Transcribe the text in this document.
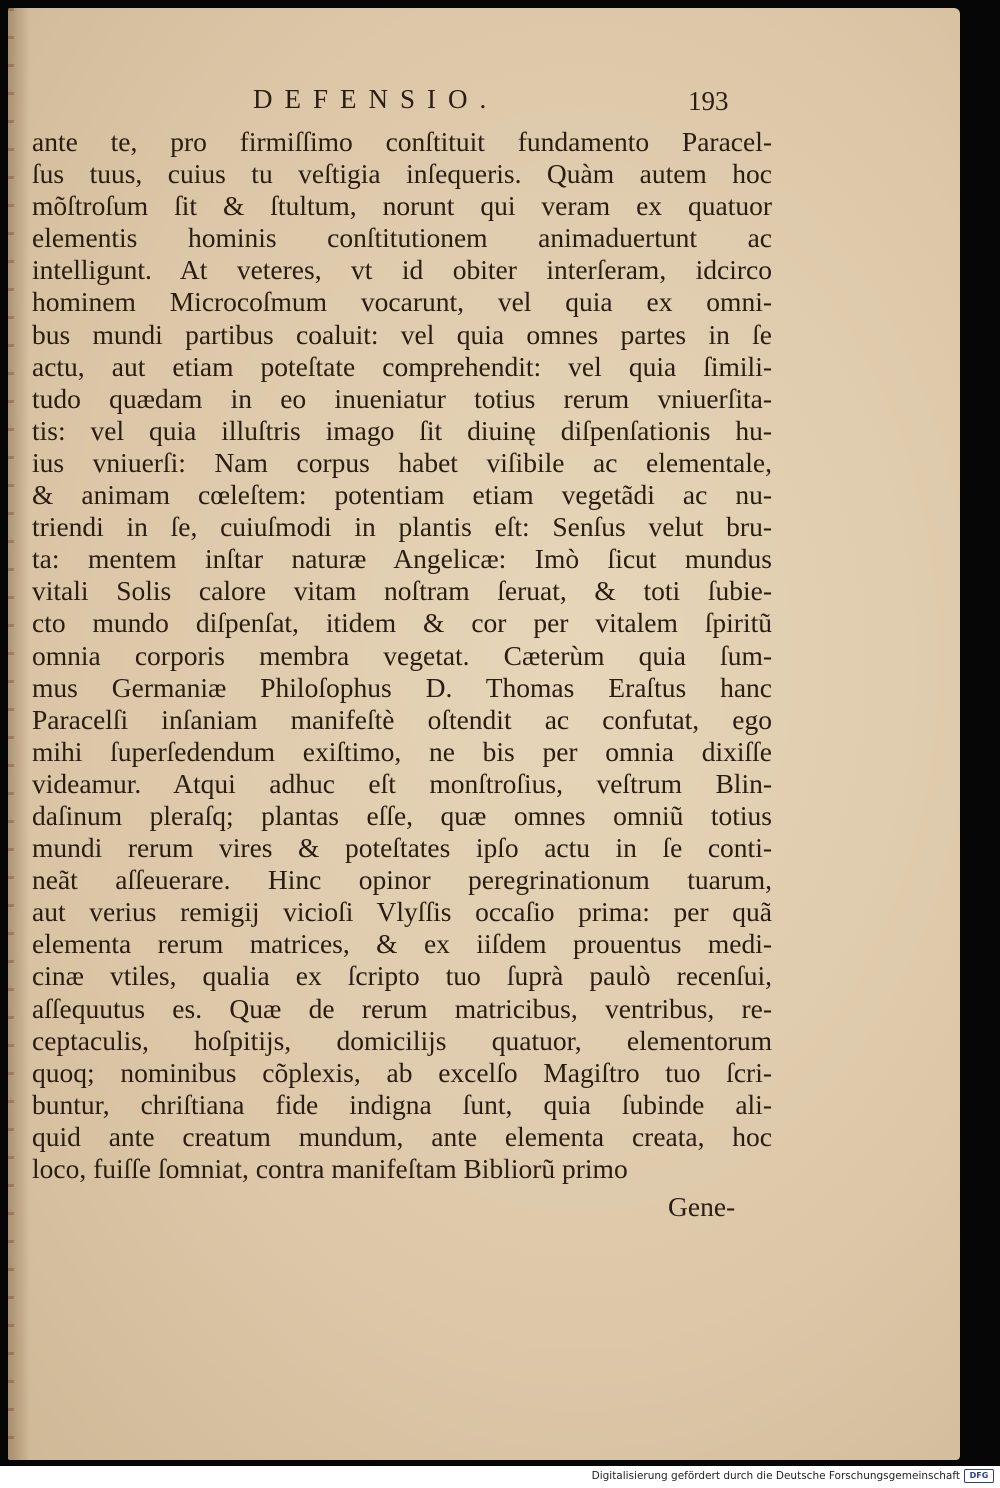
DEFENSIO.	193
ante te, pro firmiſſimo conſtituit fundamento Paracel-
ſus tuus, cuius tu veſtigia inſequeris. Quàm autem hoc
mõſtroſum ſit & ſtultum, norunt qui veram ex quatuor
elementis hominis conſtitutionem animaduertunt ac
intelligunt. At veteres, vt id obiter interſeram, idcirco
hominem Microcoſmum vocarunt, vel quia ex omni-
bus mundi partibus coaluit: vel quia omnes partes in ſe
actu, aut etiam poteſtate comprehendit: vel quia ſimili-
tudo quædam in eo inueniatur totius rerum vniuerſita-
tis: vel quia illuſtris imago ſit diuinę diſpenſationis hu-
ius vniuerſi: Nam corpus habet viſibile ac elementale,
& animam cœleſtem: potentiam etiam vegetãdi ac nu-
triendi in ſe, cuiuſmodi in plantis eſt: Senſus velut bru-
ta: mentem inſtar naturæ Angelicæ: Imò ſicut mundus
vitali Solis calore vitam noſtram ſeruat, & toti ſubie-
cto mundo diſpenſat, itidem & cor per vitalem ſpiritũ
omnia corporis membra vegetat. Cæterùm quia ſum-
mus Germaniæ Philoſophus D. Thomas Eraſtus hanc
Paracelſi inſaniam manifeſtè oſtendit ac confutat, ego
mihi ſuperſedendum exiſtimo, ne bis per omnia dixiſſe
videamur. Atqui adhuc eſt monſtroſius, veſtrum Blin-
daſinum pleraſq; plantas eſſe, quæ omnes omniũ totius
mundi rerum vires & poteſtates ipſo actu in ſe conti-
neãt aſſeuerare. Hinc opinor peregrinationum tuarum,
aut verius remigij vicioſi Vlyſſis occaſio prima: per quã
elementa rerum matrices, & ex iiſdem prouentus medi-
cinæ vtiles, qualia ex ſcripto tuo ſuprà paulò recenſui,
aſſequutus es. Quæ de rerum matricibus, ventribus, re-
ceptaculis, hoſpitijs, domicilijs quatuor, elementorum
quoq; nominibus cõplexis, ab excelſo Magiſtro tuo ſcri-
buntur, chriſtiana fide indigna ſunt, quia ſubinde ali-
quid ante creatum mundum, ante elementa creata, hoc
loco, fuiſſe ſomniat, contra manifeſtam Bibliorũ primo
Gene-
Digitalisierung gefördert durch die Deutsche Forschungsgemeinschaft	DFG
